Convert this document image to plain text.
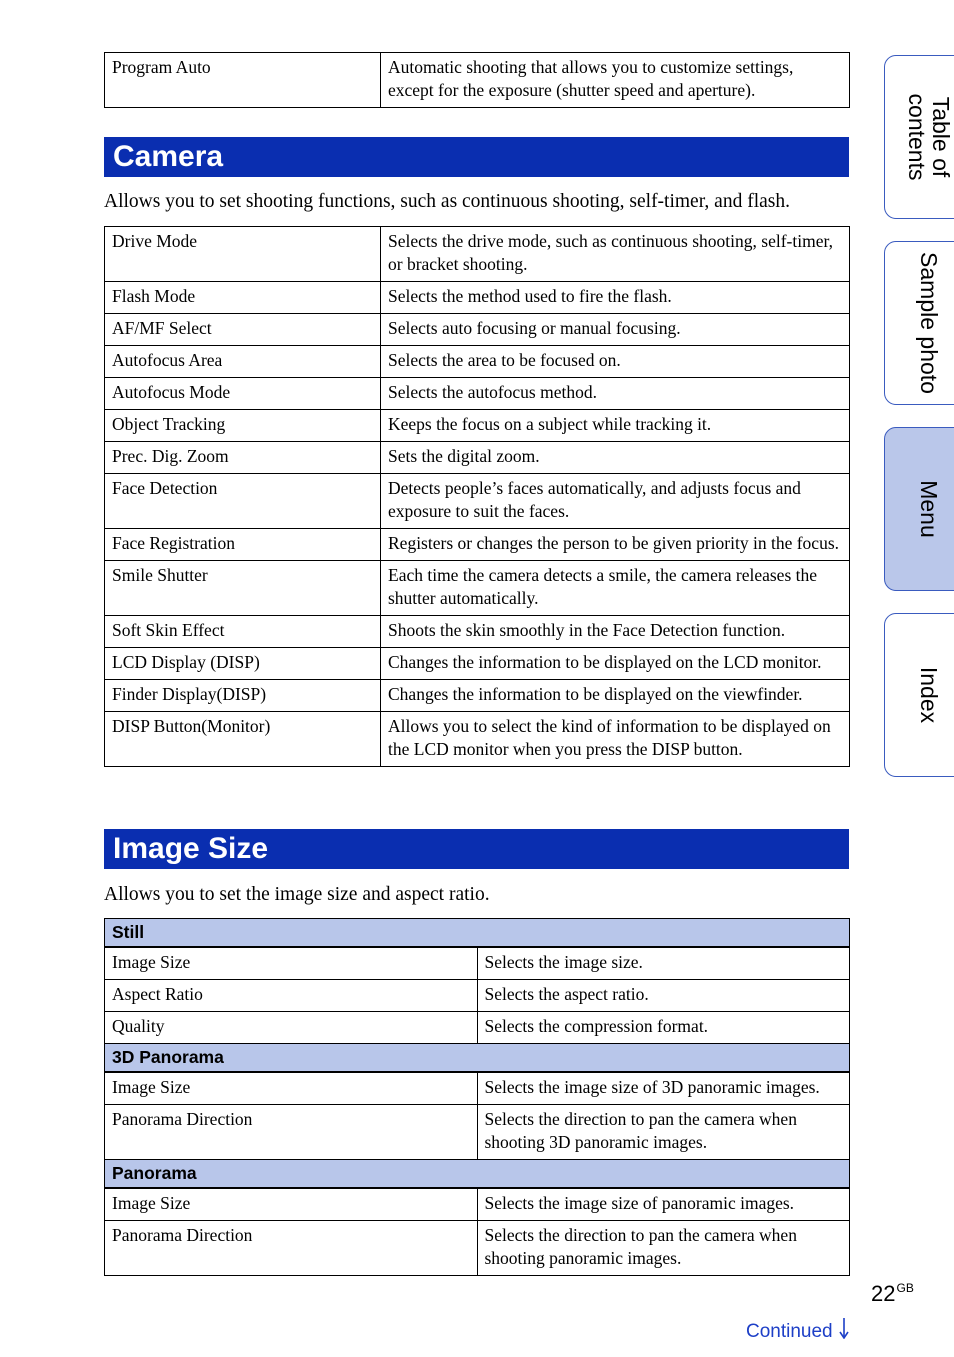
Program Auto	Automatic shooting that allows you to customize settings, except for the exposure (shutter speed and aperture).
Camera
Allows you to set shooting functions, such as continuous shooting, self-timer, and flash.
Drive Mode	Selects the drive mode, such as continuous shooting, self-timer, or bracket shooting.
Flash Mode	Selects the method used to fire the flash.
AF/MF Select	Selects auto focusing or manual focusing.
Autofocus Area	Selects the area to be focused on.
Autofocus Mode	Selects the autofocus method.
Object Tracking	Keeps the focus on a subject while tracking it.
Prec. Dig. Zoom	Sets the digital zoom.
Face Detection	Detects people’s faces automatically, and adjusts focus and exposure to suit the faces.
Face Registration	Registers or changes the person to be given priority in the focus.
Smile Shutter	Each time the camera detects a smile, the camera releases the shutter automatically.
Soft Skin Effect	Shoots the skin smoothly in the Face Detection function.
LCD Display (DISP)	Changes the information to be displayed on the LCD monitor.
Finder Display(DISP)	Changes the information to be displayed on the viewfinder.
DISP Button(Monitor)	Allows you to select the kind of information to be displayed on the LCD monitor when you press the DISP button.
Image Size
Allows you to set the image size and aspect ratio.
Still	
Image Size	Selects the image size.
Aspect Ratio	Selects the aspect ratio.
Quality	Selects the compression format.
3D Panorama	
Image Size	Selects the image size of 3D panoramic images.
Panorama Direction	Selects the direction to pan the camera when shooting 3D panoramic images.
Panorama	
Image Size	Selects the image size of panoramic images.
Panorama Direction	Selects the direction to pan the camera when shooting panoramic images.
Table of
contents
Sample photo
Menu
Index
$22^{GB}$
Continued
